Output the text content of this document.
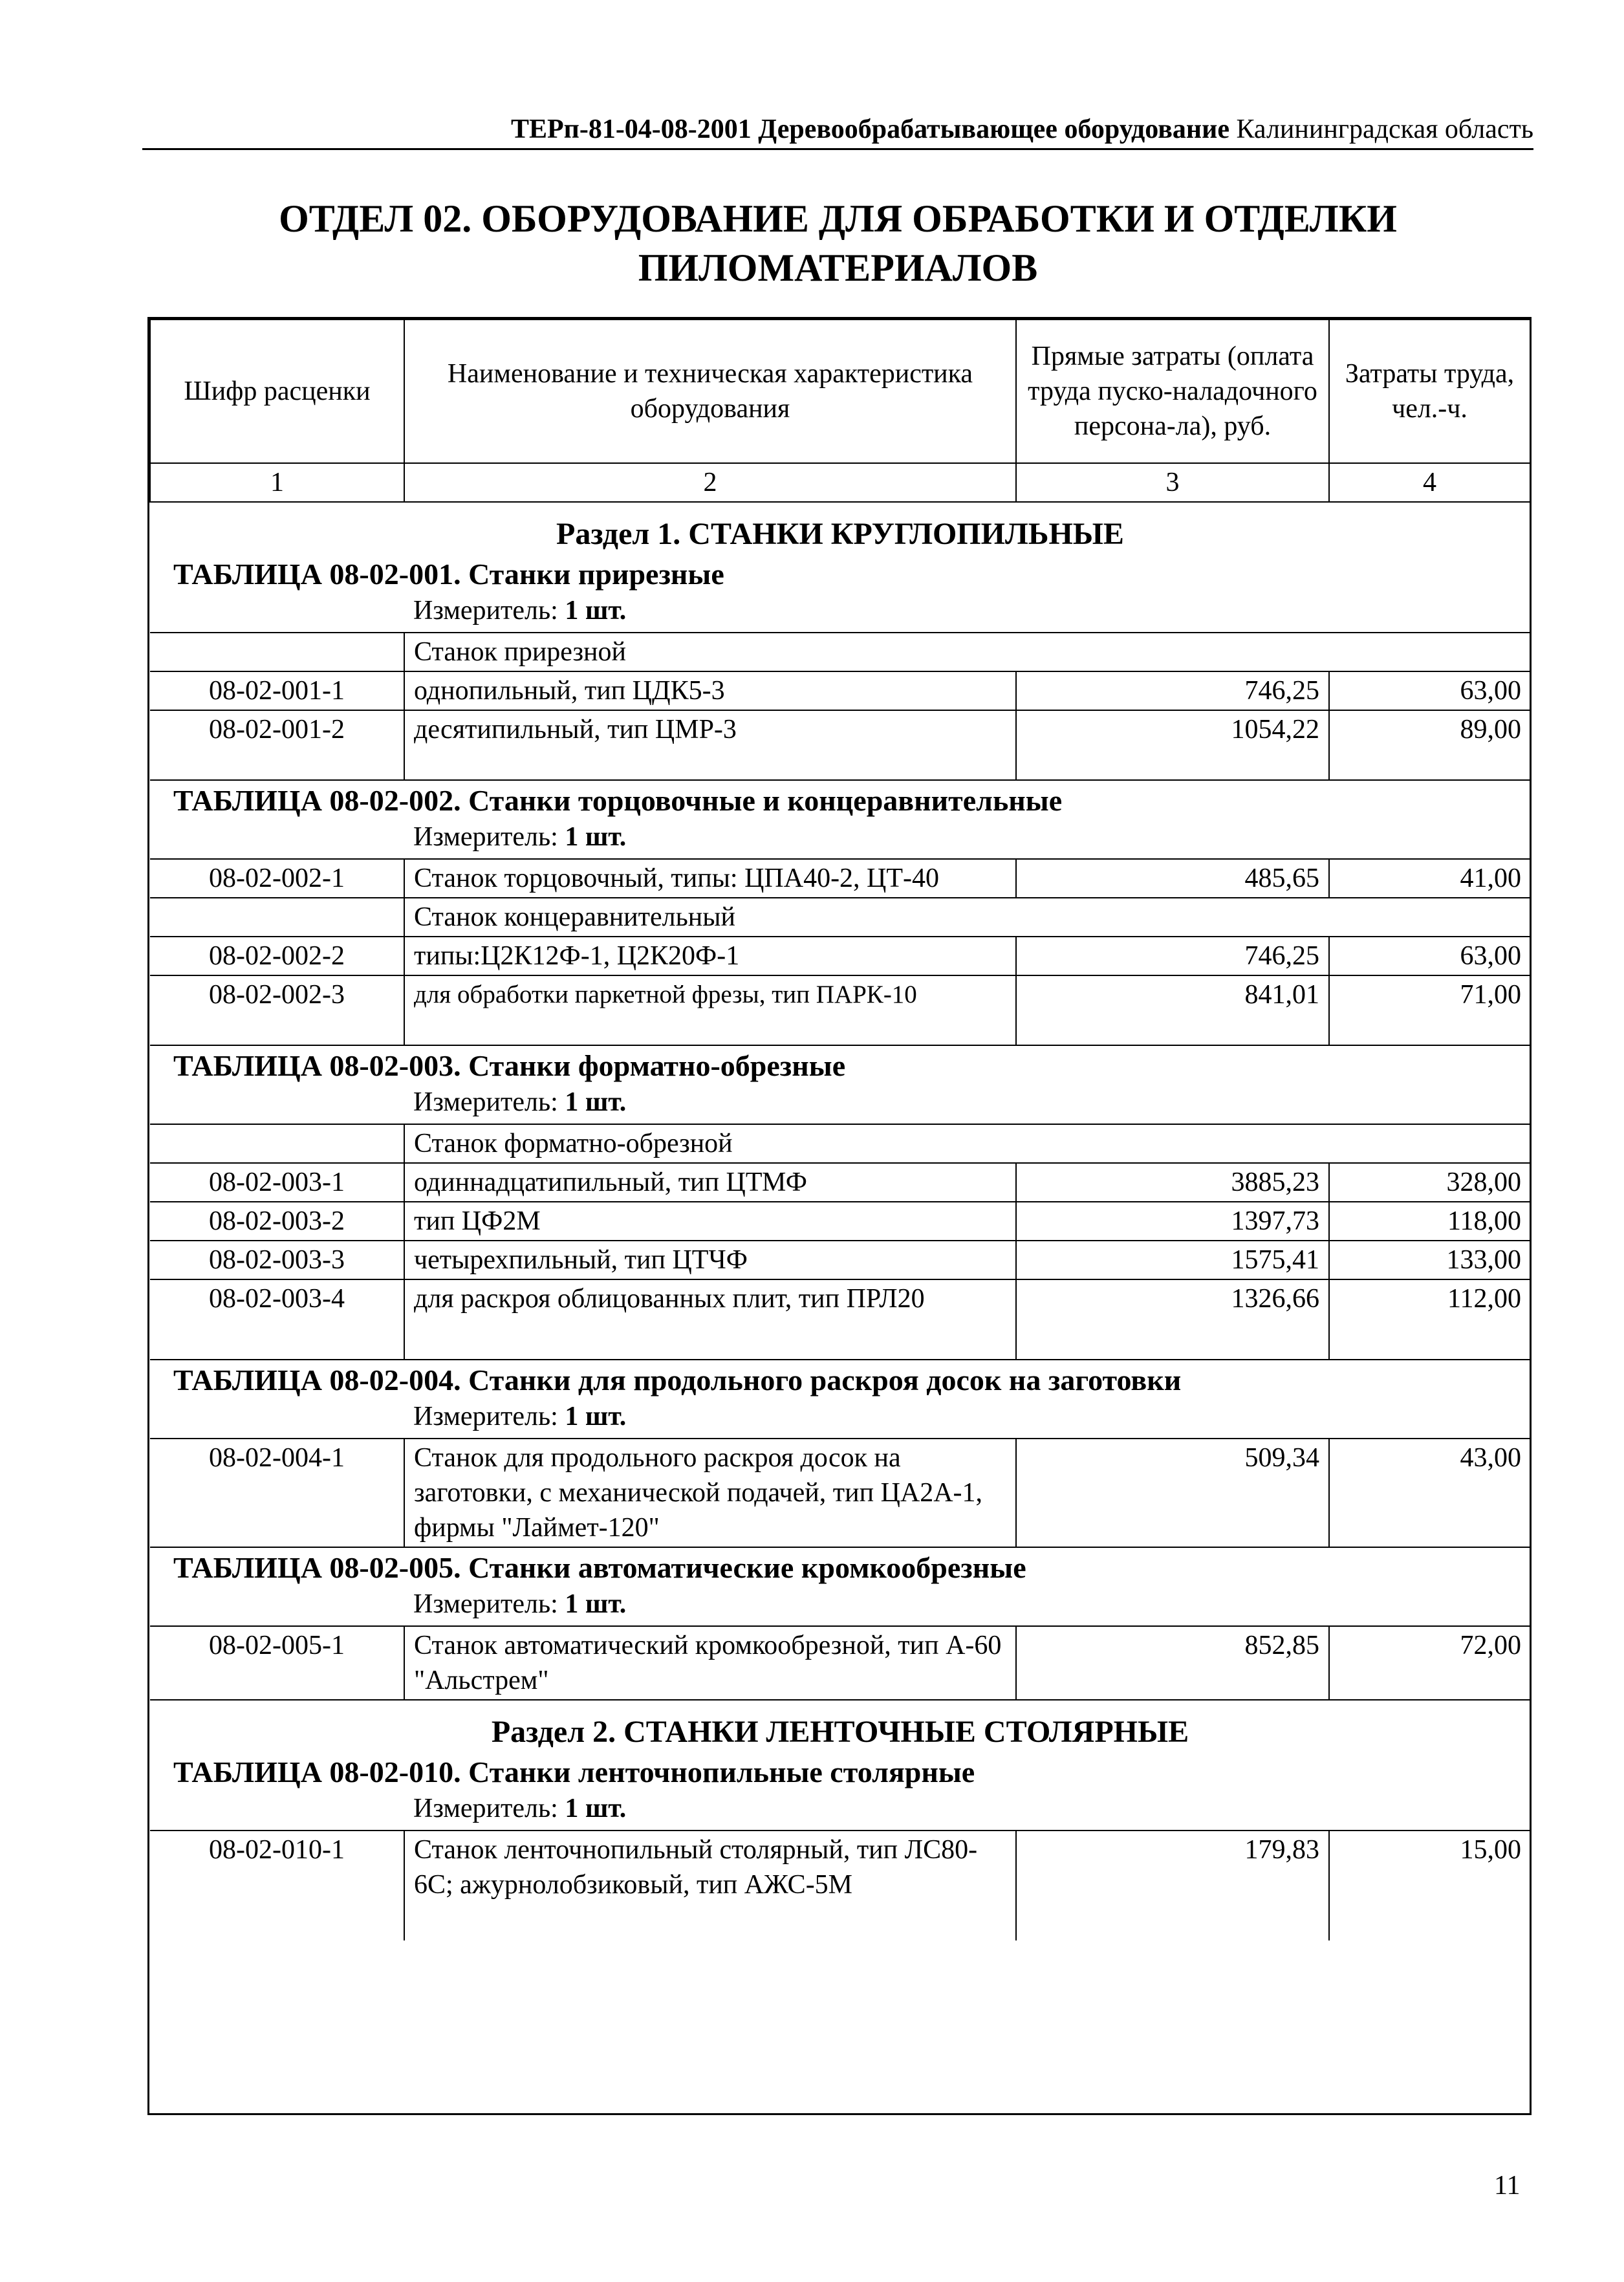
ТЕРп-81-04-08-2001 Деревообрабатывающее оборудование Калининградская область
ОТДЕЛ 02. ОБОРУДОВАНИЕ ДЛЯ ОБРАБОТКИ И ОТДЕЛКИ
ПИЛОМАТЕРИАЛОВ
Шифр расценки	Наименование и техническая характеристика оборудования	Прямые затраты (оплата труда пуско-наладочного персона-ла), руб.	Затраты труда, чел.-ч.
1	2	3	4
Раздел 1. СТАНКИ КРУГЛОПИЛЬНЫЕ			
ТАБЛИЦА 08-02-001. Станки прирезные			
	Измеритель: 1 шт.		
	Станок прирезной		
08-02-001-1	однопильный, тип ЦДК5-3	746,25	63,00
08-02-001-2	десятипильный, тип ЦМР-3	1054,22	89,00
ТАБЛИЦА 08-02-002. Станки торцовочные и концеравнительные			
	Измеритель: 1 шт.		
08-02-002-1	Станок торцовочный, типы: ЦПА40-2, ЦТ-40	485,65	41,00
	Станок концеравнительный		
08-02-002-2	типы:Ц2К12Ф-1, Ц2К20Ф-1	746,25	63,00
08-02-002-3	для обработки паркетной фрезы, тип ПАРК-10	841,01	71,00
ТАБЛИЦА 08-02-003. Станки форматно-обрезные			
	Измеритель: 1 шт.		
	Станок форматно-обрезной		
08-02-003-1	одиннадцатипильный, тип ЦТМФ	3885,23	328,00
08-02-003-2	тип ЦФ2М	1397,73	118,00
08-02-003-3	четырехпильный, тип ЦТЧФ	1575,41	133,00
08-02-003-4	для раскроя облицованных плит, тип ПРЛ20	1326,66	112,00
ТАБЛИЦА 08-02-004. Станки для продольного раскроя досок на заготовки			
	Измеритель: 1 шт.		
08-02-004-1	Станок для продольного раскроя досок на заготовки, с механической подачей, тип ЦА2А-1, фирмы "Лаймет-120"	509,34	43,00
ТАБЛИЦА 08-02-005. Станки автоматические кромкообрезные			
	Измеритель: 1 шт.		
08-02-005-1	Станок автоматический кромкообрезной, тип А-60 "Альстрем"	852,85	72,00
Раздел 2. СТАНКИ ЛЕНТОЧНЫЕ СТОЛЯРНЫЕ			
ТАБЛИЦА 08-02-010. Станки ленточнопильные столярные			
	Измеритель: 1 шт.		
08-02-010-1	Станок ленточнопильный столярный, тип ЛС80-6С; ажурнолобзиковый, тип АЖС-5М	179,83	15,00
11
